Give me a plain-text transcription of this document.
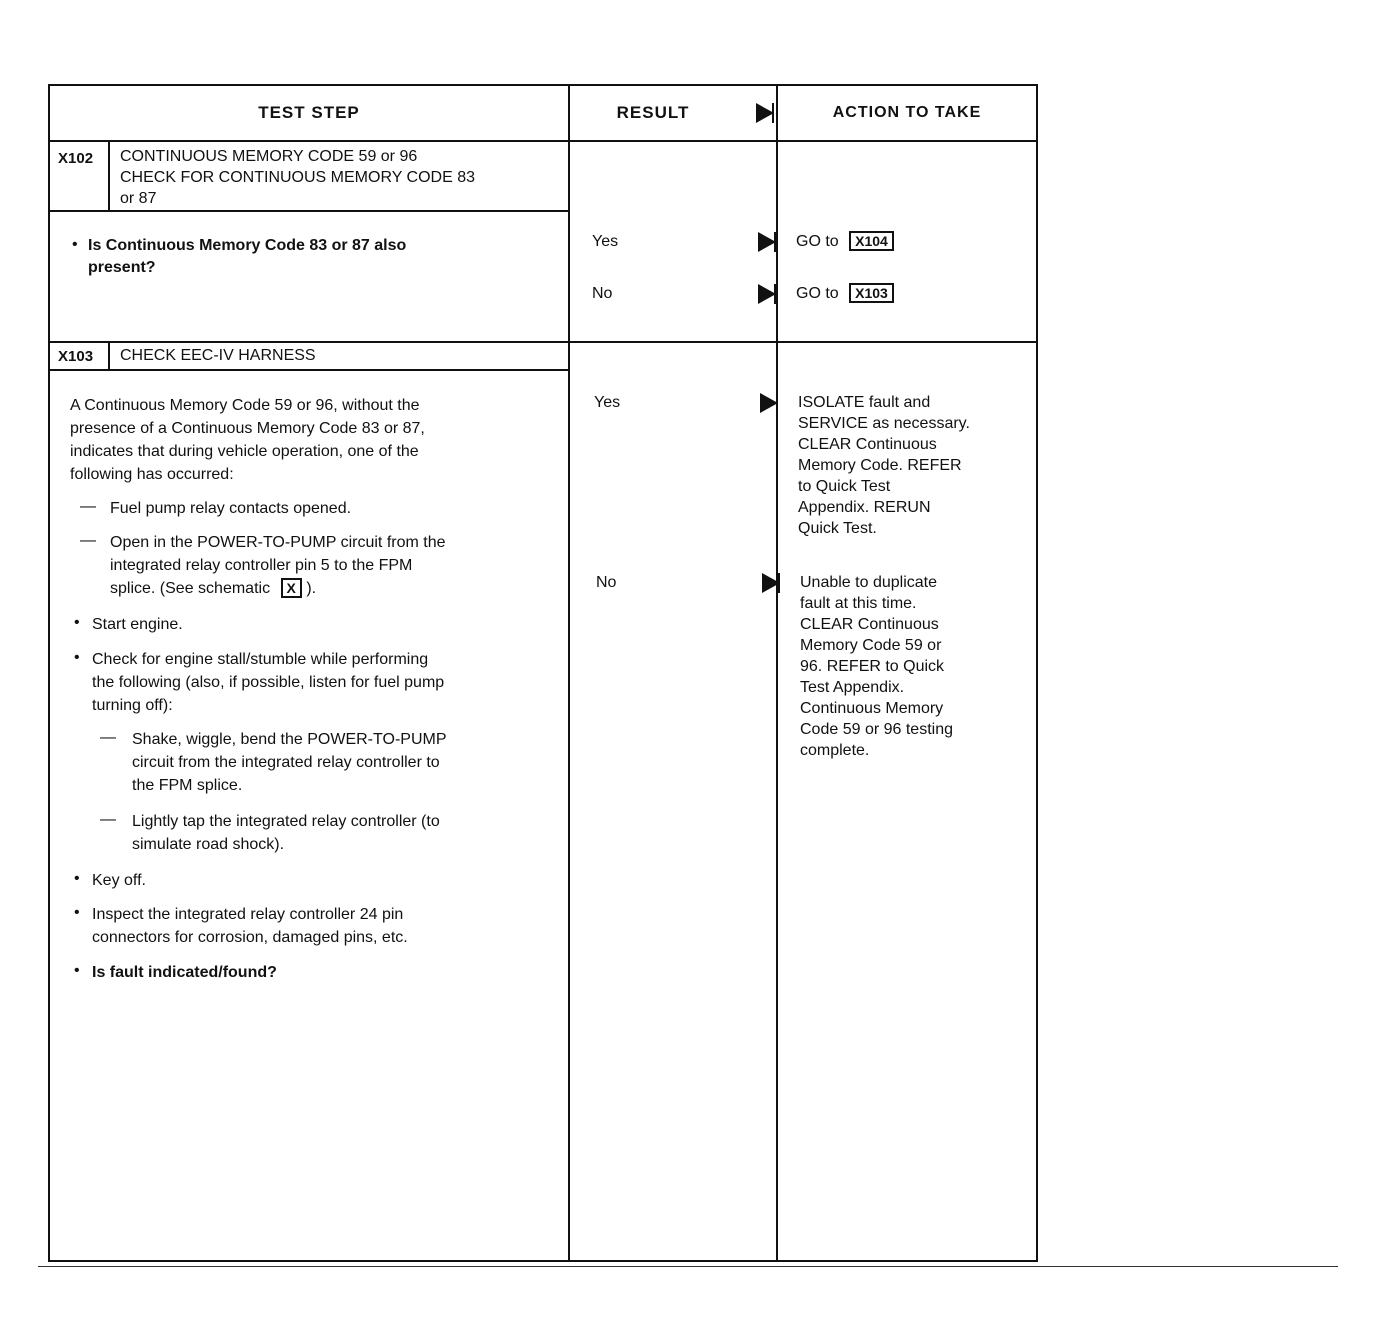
TEST STEP	RESULT	ACTION TO TAKE
X102 CONTINUOUS MEMORY CODE 59 or 96
CHECK FOR CONTINUOUS MEMORY CODE 83
or 87
• Is Continuous Memory Code 83 or 87 also
present?
Yes	GO to X104
No	GO to X103
X103 CHECK EEC-IV HARNESS
A Continuous Memory Code 59 or 96, without the
presence of a Continuous Memory Code 83 or 87,
indicates that during vehicle operation, one of the
following has occurred:
— Fuel pump relay contacts opened.
— Open in the POWER-TO-PUMP circuit from the
integrated relay controller pin 5 to the FPM
splice. (See schematic X ).
• Start engine.
• Check for engine stall/stumble while performing
the following (also, if possible, listen for fuel pump
turning off):
— Shake, wiggle, bend the POWER-TO-PUMP
circuit from the integrated relay controller to
the FPM splice.
— Lightly tap the integrated relay controller (to
simulate road shock).
• Key off.
• Inspect the integrated relay controller 24 pin
connectors for corrosion, damaged pins, etc.
• Is fault indicated/found?
Yes	ISOLATE fault and
SERVICE as necessary.
CLEAR Continuous
Memory Code. REFER
to Quick Test
Appendix. RERUN
Quick Test.
No	Unable to duplicate
fault at this time.
CLEAR Continuous
Memory Code 59 or
96. REFER to Quick
Test Appendix.
Continuous Memory
Code 59 or 96 testing
complete.
